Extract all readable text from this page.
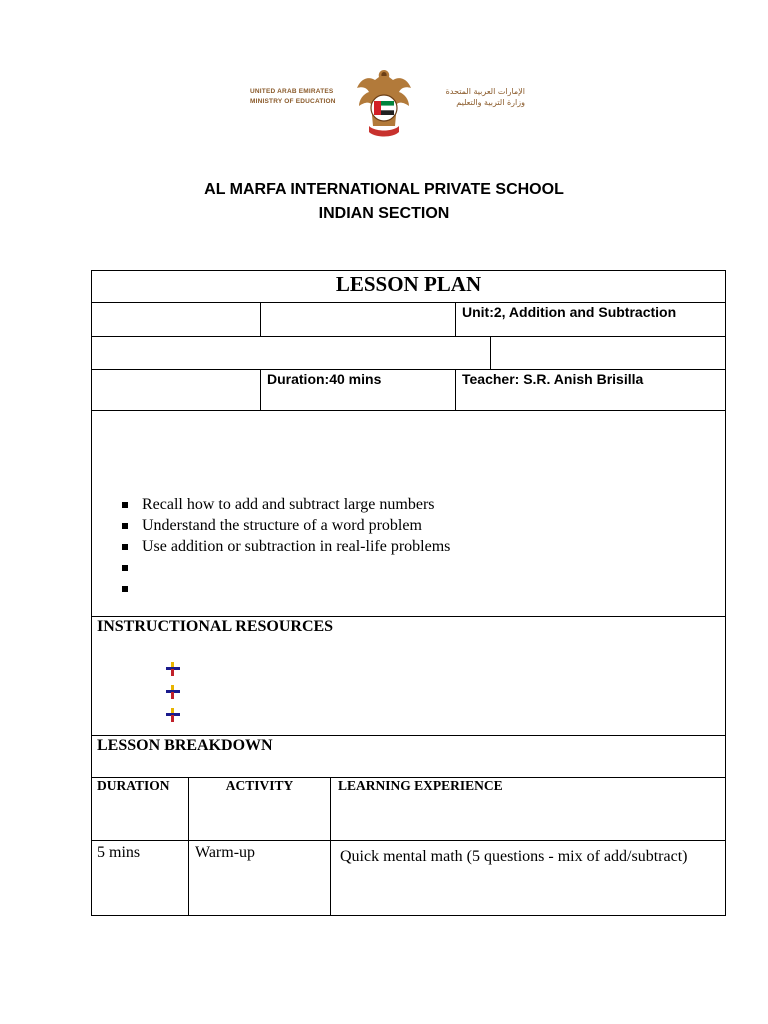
UNITED ARAB EMIRATES
MINISTRY OF EDUCATION
الإمارات العربية المتحدة
وزارة التربية والتعليم
AL MARFA INTERNATIONAL PRIVATE SCHOOL
INDIAN SECTION
LESSON PLAN
Unit:2, Addition and Subtraction
Duration:40 mins	Teacher: S.R. Anish Brisilla
Recall how to add and subtract large numbers
Understand the structure of a word problem
Use addition or subtraction in real-life problems
INSTRUCTIONAL RESOURCES
LESSON BREAKDOWN
DURATION	ACTIVITY	LEARNING EXPERIENCE
5 mins	Warm-up	Quick mental math (5 questions - mix of add/subtract)
